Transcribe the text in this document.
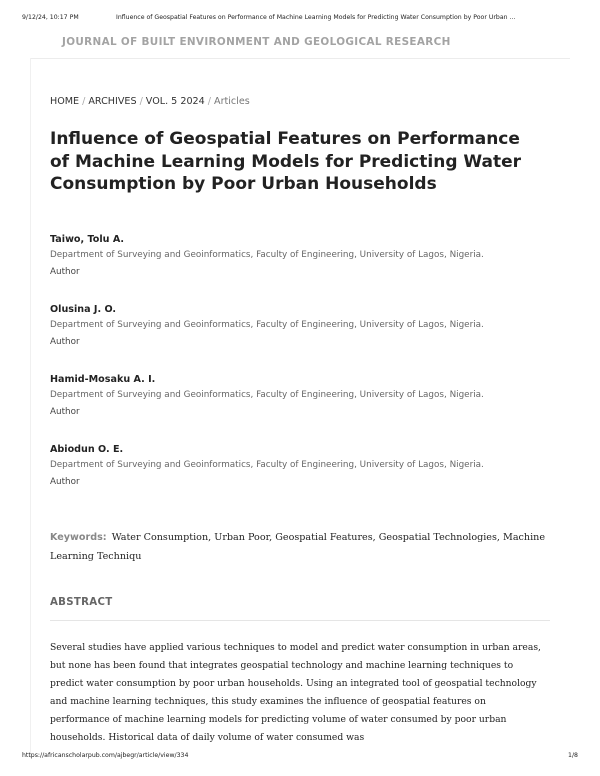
9/12/24, 10:17 PM	Influence of Geospatial Features on Performance of Machine Learning Models for Predicting Water Consumption by Poor Urban ...
JOURNAL OF BUILT ENVIRONMENT AND GEOLOGICAL RESEARCH
HOME / ARCHIVES / VOL. 5 2024 / Articles
Influence of Geospatial Features on Performance of Machine Learning Models for Predicting Water Consumption by Poor Urban Households
Taiwo, Tolu A.
Department of Surveying and Geoinformatics, Faculty of Engineering, University of Lagos, Nigeria.
Author
Olusina J. O.
Department of Surveying and Geoinformatics, Faculty of Engineering, University of Lagos, Nigeria.
Author
Hamid-Mosaku A. I.
Department of Surveying and Geoinformatics, Faculty of Engineering, University of Lagos, Nigeria.
Author
Abiodun O. E.
Department of Surveying and Geoinformatics, Faculty of Engineering, University of Lagos, Nigeria.
Author
Keywords: Water Consumption, Urban Poor, Geospatial Features, Geospatial Technologies, Machine Learning Techniqu
ABSTRACT
Several studies have applied various techniques to model and predict water consumption in urban areas, but none has been found that integrates geospatial technology and machine learning techniques to predict water consumption by poor urban households. Using an integrated tool of geospatial technology and machine learning techniques, this study examines the influence of geospatial features on performance of machine learning models for predicting volume of water consumed by poor urban households. Historical data of daily volume of water consumed was
https://africanscholarpub.com/ajbegr/article/view/334	1/8
